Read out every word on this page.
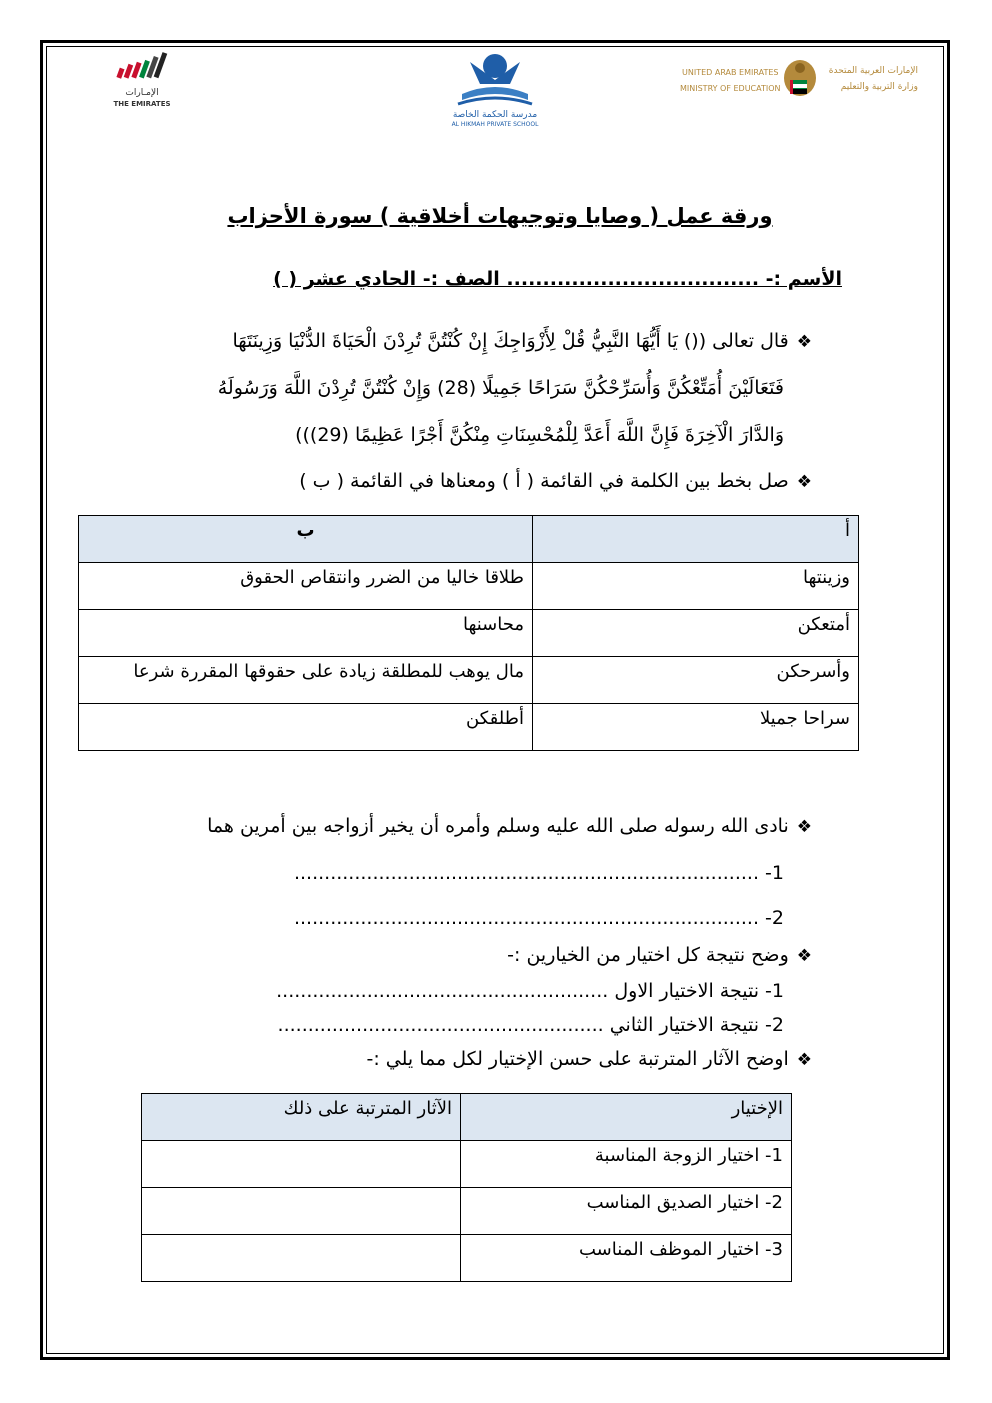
الإمـارات
THE EMIRATES
مدرسة الحكمة الخاصة
AL HIKMAH PRIVATE SCHOOL
UNITED ARAB EMIRATES
MINISTRY OF EDUCATION
الإمارات العربية المتحدة
وزارة التربية والتعليم
ورقة عمل ( وصايا وتوجيهات أخلاقية ) سورة الأحزاب
الأسم :- ................................... الصف :- الحادي عشر ( )
❖قال تعالى (() يَا أَيُّهَا النَّبِيُّ قُلْ لِأَزْوَاجِكَ إِنْ كُنْتُنَّ تُرِدْنَ الْحَيَاةَ الدُّنْيَا وَزِينَتَهَا
فَتَعَالَيْنَ أُمَتِّعْكُنَّ وَأُسَرِّحْكُنَّ سَرَاحًا جَمِيلًا (28) وَإِنْ كُنْتُنَّ تُرِدْنَ اللَّهَ وَرَسُولَهُ
وَالدَّارَ الْآخِرَةَ فَإِنَّ اللَّهَ أَعَدَّ لِلْمُحْسِنَاتِ مِنْكُنَّ أَجْرًا عَظِيمًا (29)))
❖صل بخط بين الكلمة في القائمة ( أ ) ومعناها في القائمة ( ب )
أ	ب
وزينتها	طلاقا خاليا من الضرر وانتقاص الحقوق
أمتعكن	محاسنها
وأسرحكن	مال يوهب للمطلقة زيادة على حقوقها المقررة شرعا
سراحا جميلا	أطلقكن
❖نادى الله رسوله صلى الله عليه وسلم وأمره أن يخير أزواجه بين أمرين هما
1- .............................................................................
2- .............................................................................
❖وضح نتيجة كل اختيار من الخيارين :-
1- نتيجة الاختيار الاول .......................................................
2- نتيجة الاختيار الثاني ......................................................
❖اوضح الآثار المترتبة على حسن الإختيار لكل مما يلي :-
الإختيار	الآثار المترتبة على ذلك
1- اختيار الزوجة المناسبة	
2- اختيار الصديق المناسب	
3- اختيار الموظف المناسب	
